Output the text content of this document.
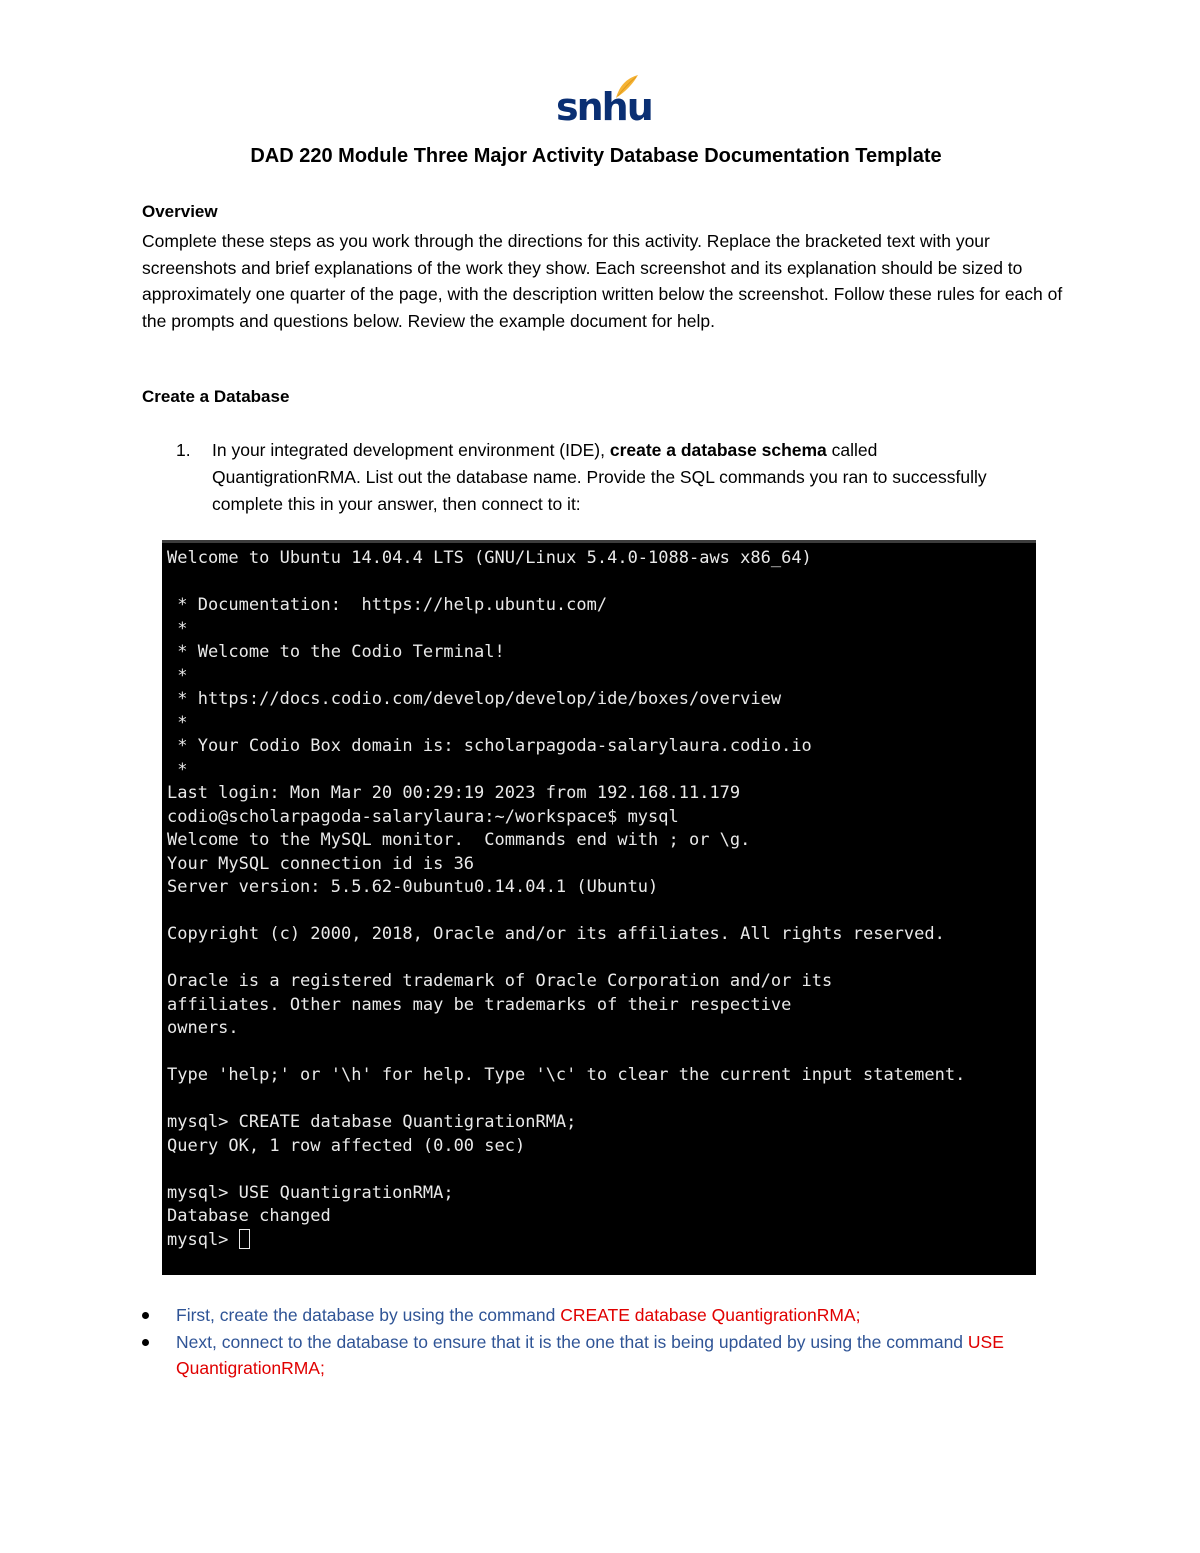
snhu
DAD 220 Module Three Major Activity Database Documentation Template
Overview
Complete these steps as you work through the directions for this activity. Replace the bracketed text with your screenshots and brief explanations of the work they show. Each screenshot and its explanation should be sized to approximately one quarter of the page, with the description written below the screenshot. Follow these rules for each of the prompts and questions below. Review the example document for help.
Create a Database
1. In your integrated development environment (IDE), create a database schema called QuantigrationRMA. List out the database name. Provide the SQL commands you ran to successfully complete this in your answer, then connect to it:
Welcome to Ubuntu 14.04.4 LTS (GNU/Linux 5.4.0-1088-aws x86_64)
* Documentation:  https://help.ubuntu.com/
*
* Welcome to the Codio Terminal!
*
* https://docs.codio.com/develop/develop/ide/boxes/overview
*
* Your Codio Box domain is: scholarpagoda-salarylaura.codio.io
*
Last login: Mon Mar 20 00:29:19 2023 from 192.168.11.179
codio@scholarpagoda-salarylaura:~/workspace$ mysql
Welcome to the MySQL monitor.  Commands end with ; or \g.
Your MySQL connection id is 36
Server version: 5.5.62-0ubuntu0.14.04.1 (Ubuntu)
Copyright (c) 2000, 2018, Oracle and/or its affiliates. All rights reserved.
Oracle is a registered trademark of Oracle Corporation and/or its
affiliates. Other names may be trademarks of their respective
owners.
Type 'help;' or '\h' for help. Type '\c' to clear the current input statement.
mysql> CREATE database QuantigrationRMA;
Query OK, 1 row affected (0.00 sec)
mysql> USE QuantigrationRMA;
Database changed
mysql>
First, create the database by using the command CREATE database QuantigrationRMA;
Next, connect to the database to ensure that it is the one that is being updated by using the command USE QuantigrationRMA;
